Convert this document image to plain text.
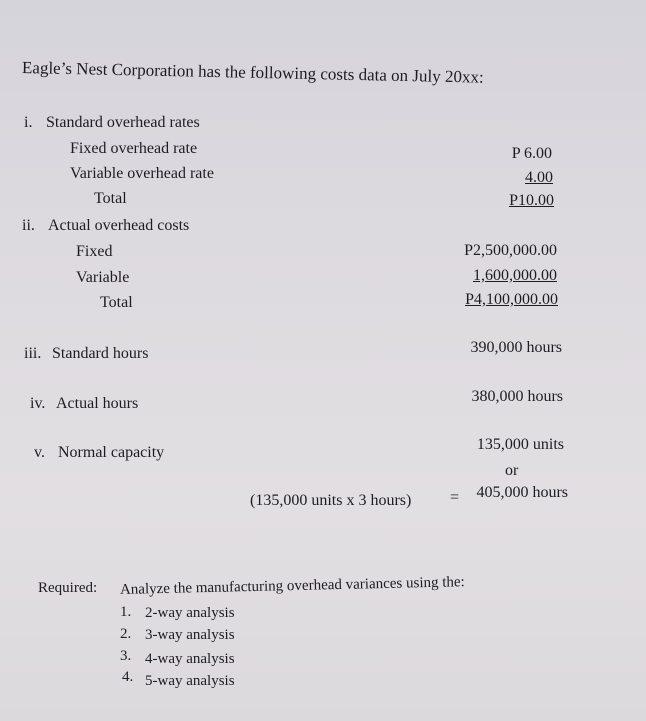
Eagle’s Nest Corporation has the following costs data on July 20xx:
i. Standard overhead rates
Fixed overhead rate	P 6.00
Variable overhead rate	4.00
Total	P10.00
ii. Actual overhead costs
Fixed	P2,500,000.00
Variable	1,600,000.00
Total	P4,100,000.00
iii. Standard hours	390,000 hours
iv. Actual hours	380,000 hours
v. Normal capacity	135,000 units
or
(135,000 units x 3 hours) =	405,000 hours
Required: Analyze the manufacturing overhead variances using the:
1. 2-way analysis
2. 3-way analysis
3. 4-way analysis
4. 5-way analysis
